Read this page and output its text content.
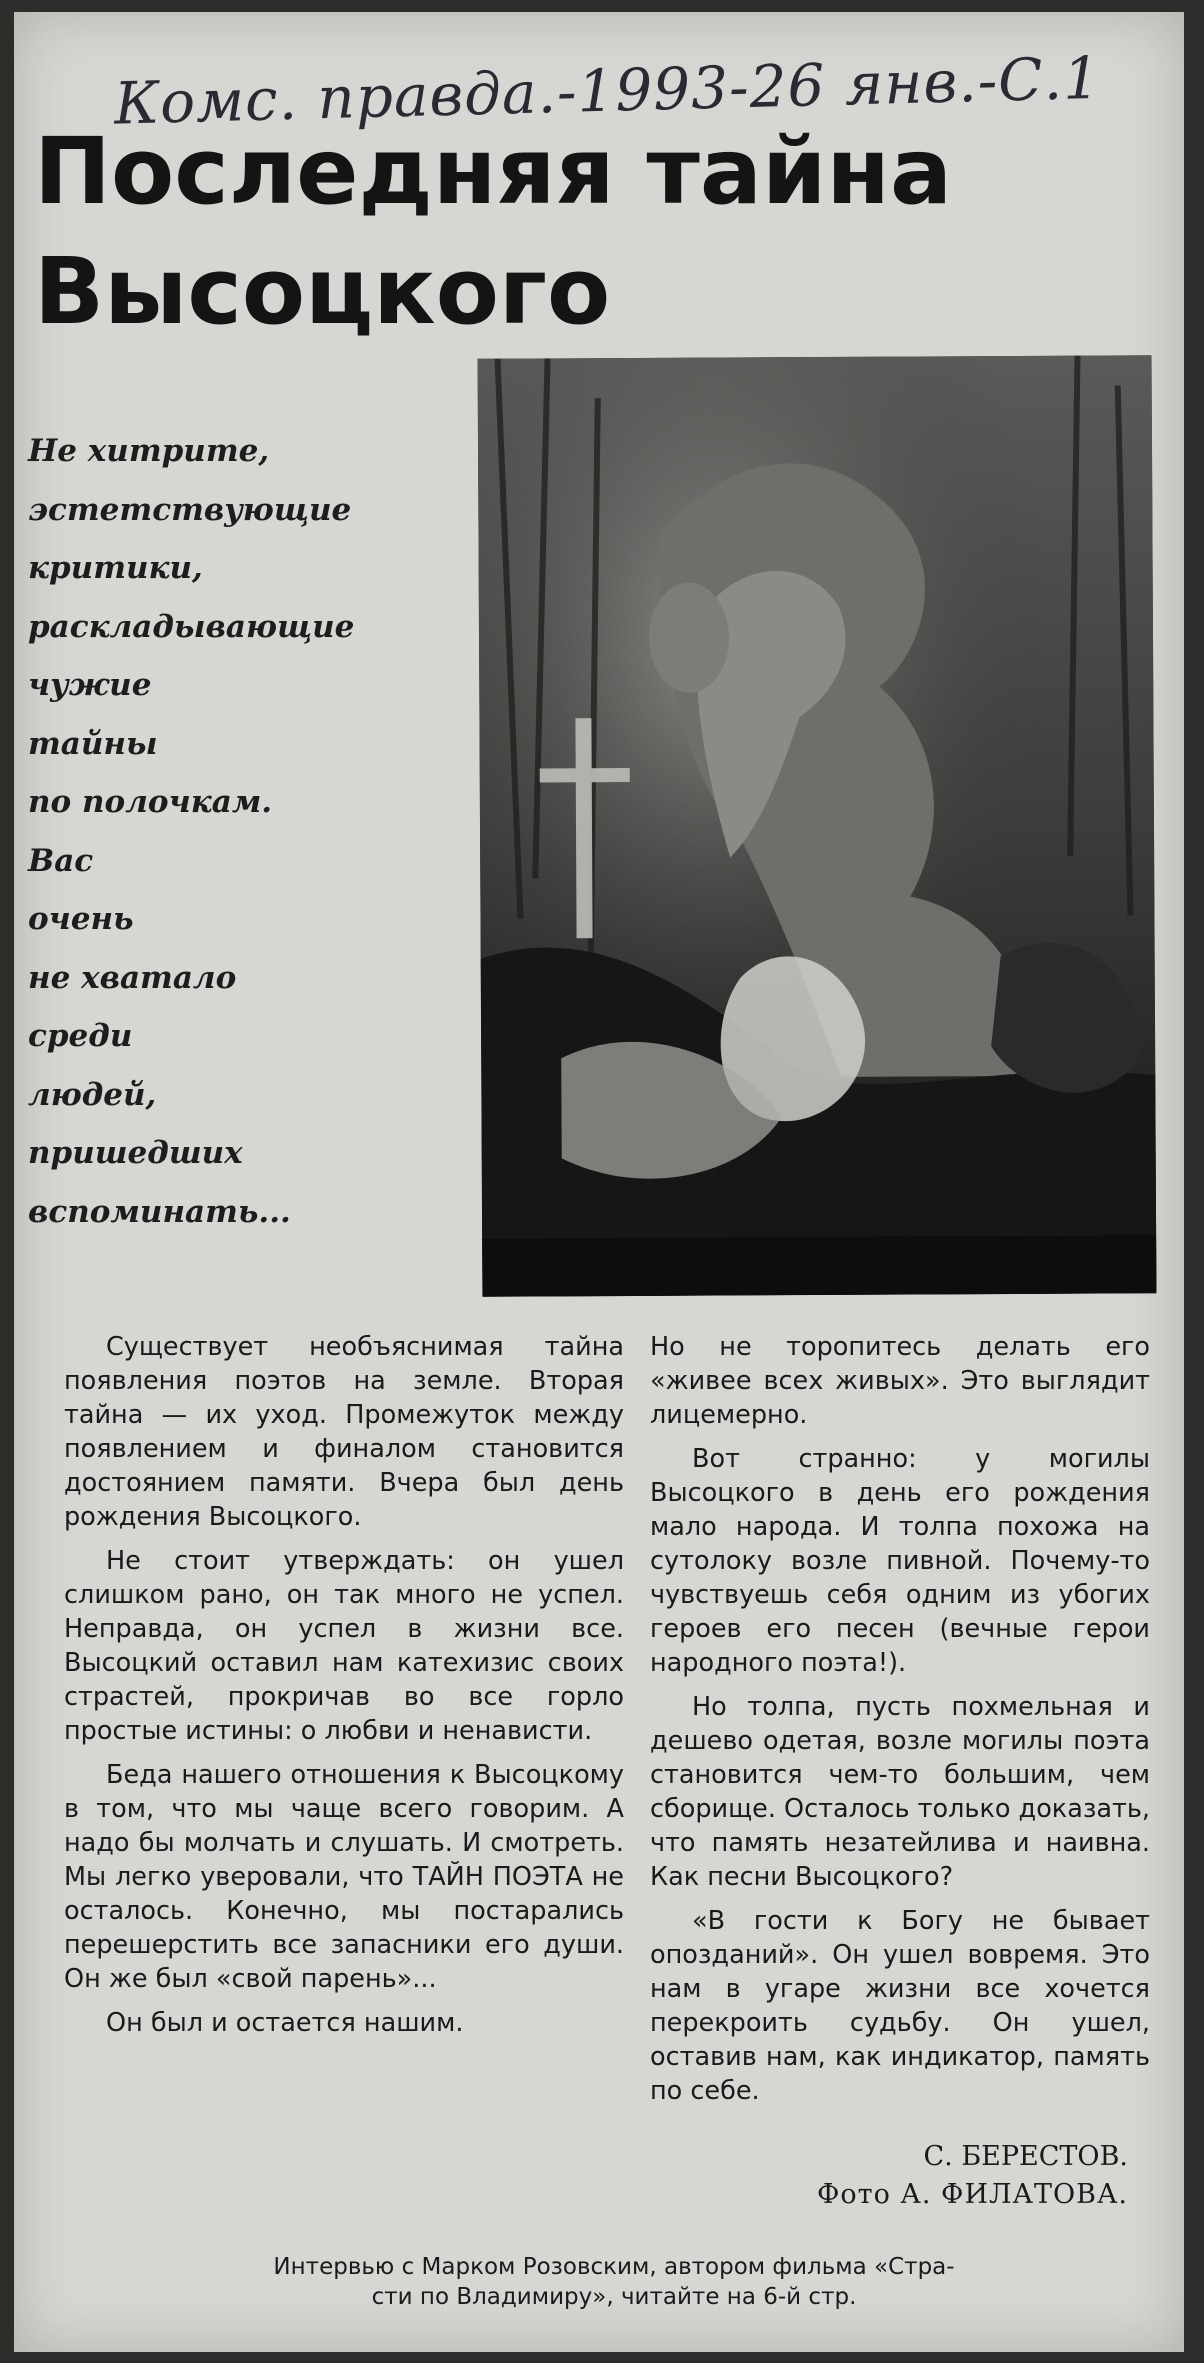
Комс. правда.-1993-26 янв.-С.1
Последняя тайна
Высоцкого
Не хитрите,
эстетствующие
критики,
раскладывающие
чужие
тайны
по полочкам.
Вас
очень
не хватало
среди
людей,
пришедших
вспоминать...

Существует необъяснимая тайна появления поэтов на земле. Вторая тайна — их уход. Промежуток между появлением и финалом становится достоянием памяти. Вчера был день рождения Высоцкого.

Не стоит утверждать: он ушел слишком рано, он так много не успел. Неправда, он успел в жизни все. Высоцкий оставил нам катехизис своих страстей, прокричав во все горло простые истины: о любви и ненависти.

Беда нашего отношения к Высоцкому в том, что мы чаще всего говорим. А надо бы молчать и слушать. И смотреть. Мы легко уверовали, что ТАЙН ПОЭТА не осталось. Конечно, мы постарались перешерстить все запасники его души. Он же был «свой парень»...

Он был и остается нашим.

Но не торопитесь делать его «живее всех живых». Это выглядит лицемерно.

Вот странно: у могилы Высоцкого в день его рождения мало народа. И толпа похожа на сутолоку возле пивной. Почему-то чувствуешь себя одним из убогих героев его песен (вечные герои народного поэта!).

Но толпа, пусть похмельная и дешево одетая, возле могилы поэта становится чем-то большим, чем сборище. Осталось только доказать, что память незатейлива и наивна. Как песни Высоцкого?

«В гости к Богу не бывает опозданий». Он ушел вовремя. Это нам в угаре жизни все хочется перекроить судьбу. Он ушел, оставив нам, как индикатор, память по себе.

С. БЕРЕСТОВ.
Фото А. ФИЛАТОВА.
Интервью с Марком Розовским, автором фильма «Стра-
сти по Владимиру», читайте на 6-й стр.
